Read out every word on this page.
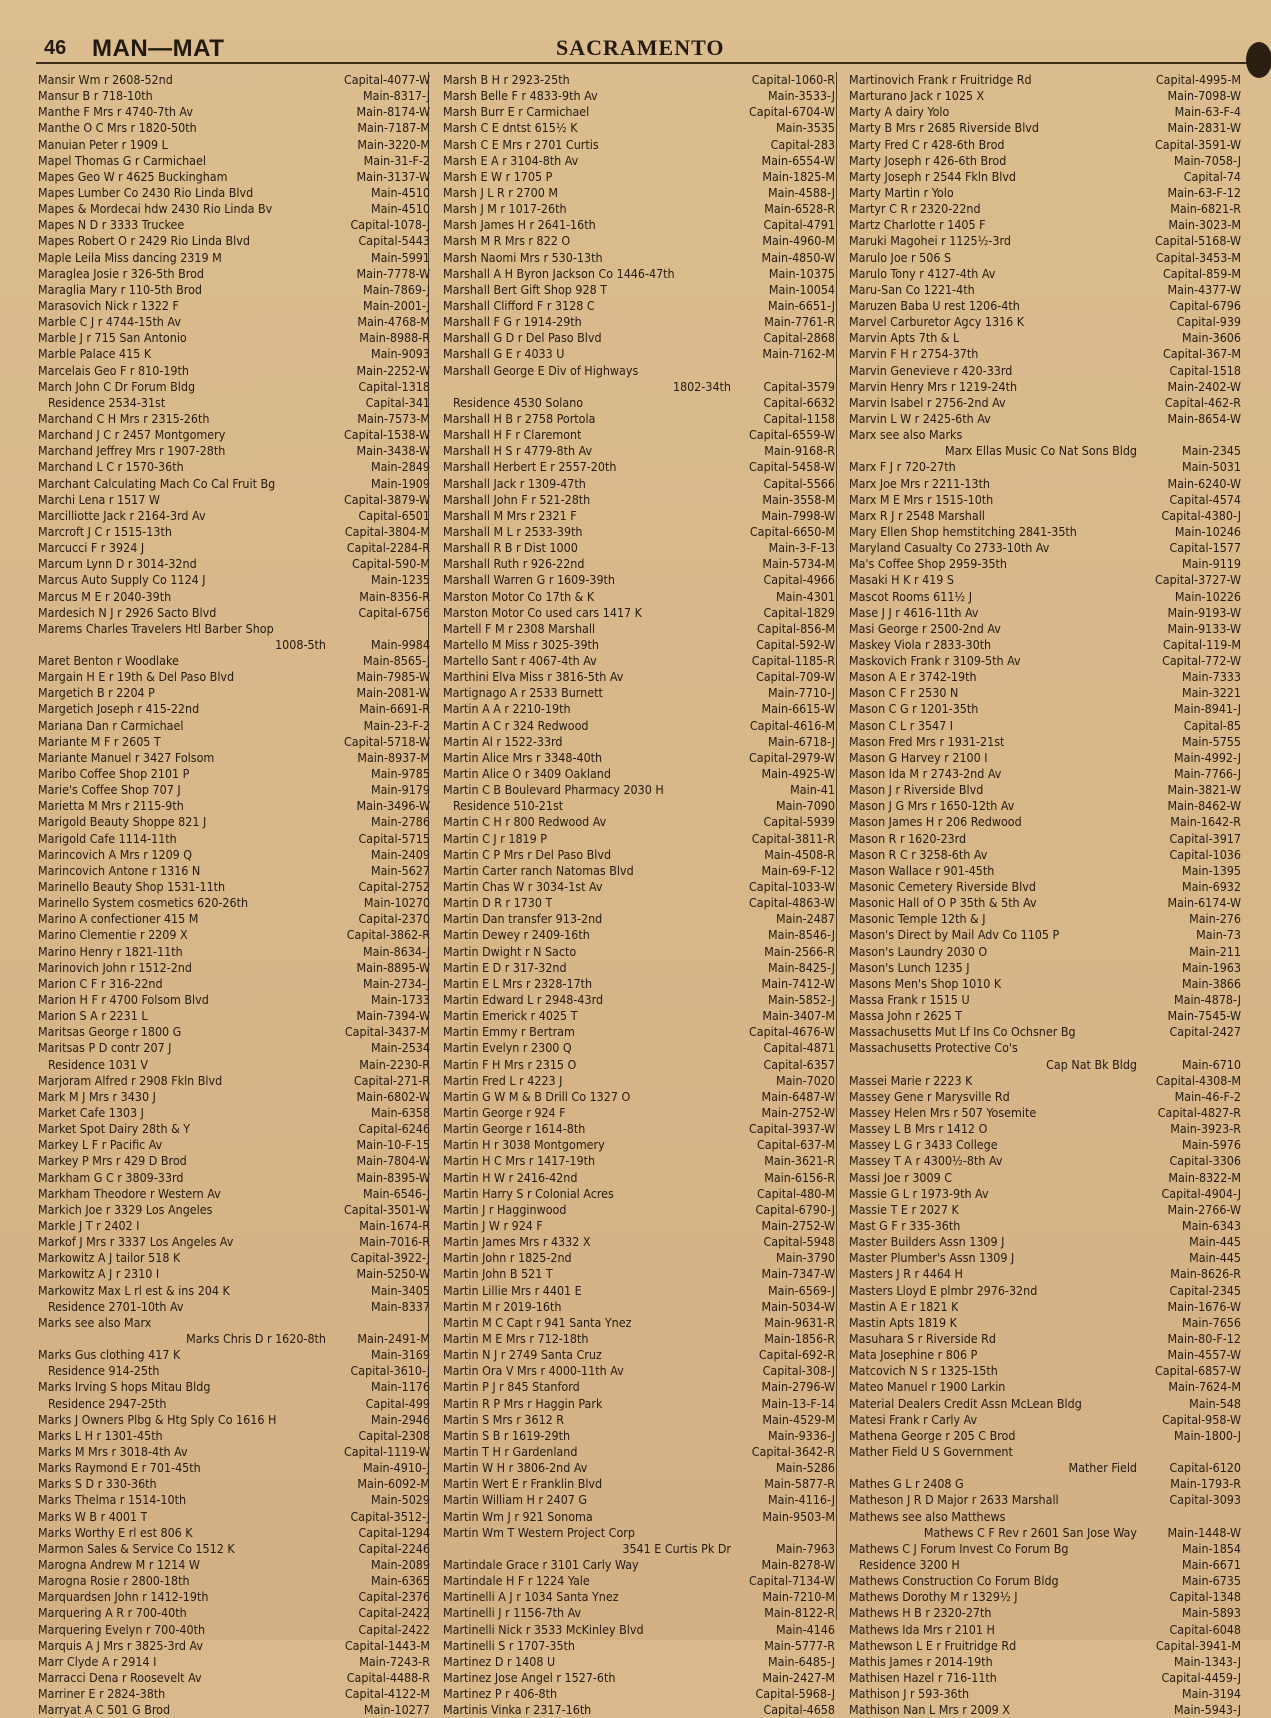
46 MAN—MAT	SACRAMENTO
Mansir Wm r 2608-52nd	Capital-4077-W
Mansur B r 718-10th	Main-8317-J
Manthe F Mrs r 4740-7th Av	Main-8174-W
Manthe O C Mrs r 1820-50th	Main-7187-M
Manuian Peter r 1909 L	Main-3220-M
Mapel Thomas G r Carmichael	Main-31-F-2
Mapes Geo W r 4625 Buckingham	Main-3137-W
Mapes Lumber Co 2430 Rio Linda Blvd	Main-4510
Mapes & Mordecai hdw 2430 Rio Linda Bv	Main-4510
Mapes N D r 3333 Truckee	Capital-1078-J
Mapes Robert O r 2429 Rio Linda Blvd	Capital-5443
Maple Leila Miss dancing 2319 M	Main-5991
Maraglea Josie r 326-5th Brod	Main-7778-W
Maraglia Mary r 110-5th Brod	Main-7869-J
Marasovich Nick r 1322 F	Main-2001-J
Marble C J r 4744-15th Av	Main-4768-M
Marble J r 715 San Antonio	Main-8988-R
Marble Palace 415 K	Main-9093
Marcelais Geo F r 810-19th	Main-2252-W
March John C Dr Forum Bldg	Capital-1318
Residence 2534-31st	Capital-341
Marchand C H Mrs r 2315-26th	Main-7573-M
Marchand J C r 2457 Montgomery	Capital-1538-W
Marchand Jeffrey Mrs r 1907-28th	Main-3438-W
Marchand L C r 1570-36th	Main-2849
Marchant Calculating Mach Co Cal Fruit Bg	Main-1909
Marchi Lena r 1517 W	Capital-3879-W
Marcilliotte Jack r 2164-3rd Av	Capital-6501
Marcroft J C r 1515-13th	Capital-3804-M
Marcucci F r 3924 J	Capital-2284-R
Marcum Lynn D r 3014-32nd	Capital-590-M
Marcus Auto Supply Co 1124 J	Main-1235
Marcus M E r 2040-39th	Main-8356-R
Mardesich N J r 2926 Sacto Blvd	Capital-6756
Marems Charles Travelers Htl Barber Shop
1008-5th	Main-9984
Maret Benton r Woodlake	Main-8565-J
Margain H E r 19th & Del Paso Blvd	Main-7985-W
Margetich B r 2204 P	Main-2081-W
Margetich Joseph r 415-22nd	Main-6691-R
Mariana Dan r Carmichael	Main-23-F-2
Mariante M F r 2605 T	Capital-5718-W
Mariante Manuel r 3427 Folsom	Main-8937-M
Maribo Coffee Shop 2101 P	Main-9785
Marie's Coffee Shop 707 J	Main-9179
Marietta M Mrs r 2115-9th	Main-3496-W
Marigold Beauty Shoppe 821 J	Main-2786
Marigold Cafe 1114-11th	Capital-5715
Marincovich A Mrs r 1209 Q	Main-2409
Marincovich Antone r 1316 N	Main-5627
Marinello Beauty Shop 1531-11th	Capital-2752
Marinello System cosmetics 620-26th	Main-10270
Marino A confectioner 415 M	Capital-2370
Marino Clementie r 2209 X	Capital-3862-R
Marino Henry r 1821-11th	Main-8634-J
Marinovich John r 1512-2nd	Main-8895-W
Marion C F r 316-22nd	Main-2734-J
Marion H F r 4700 Folsom Blvd	Main-1733
Marion S A r 2231 L	Main-7394-W
Maritsas George r 1800 G	Capital-3437-M
Maritsas P D contr 207 J	Main-2534
Residence 1031 V	Main-2230-R
Marjoram Alfred r 2908 Fkln Blvd	Capital-271-R
Mark M J Mrs r 3430 J	Main-6802-W
Market Cafe 1303 J	Main-6358
Market Spot Dairy 28th & Y	Capital-6246
Markey L F r Pacific Av	Main-10-F-15
Markey P Mrs r 429 D Brod	Main-7804-W
Markham G C r 3809-33rd	Main-8395-W
Markham Theodore r Western Av	Main-6546-J
Markich Joe r 3329 Los Angeles	Capital-3501-W
Markle J T r 2402 I	Main-1674-R
Markof J Mrs r 3337 Los Angeles Av	Main-7016-R
Markowitz A J tailor 518 K	Capital-3922-J
Markowitz A J r 2310 I	Main-5250-W
Markowitz Max L rl est & ins 204 K	Main-3405
Residence 2701-10th Av	Main-8337
Marks see also Marx
Marks Chris D r 1620-8th	Main-2491-M
Marks Gus clothing 417 K	Main-3169
Residence 914-25th	Capital-3610-J
Marks Irving S hops Mitau Bldg	Main-1176
Residence 2947-25th	Capital-499
Marks J Owners Plbg & Htg Sply Co 1616 H	Main-2946
Marks L H r 1301-45th	Capital-2308
Marks M Mrs r 3018-4th Av	Capital-1119-W
Marks Raymond E r 701-45th	Main-4910-J
Marks S D r 330-36th	Main-6092-M
Marks Thelma r 1514-10th	Main-5029
Marks W B r 4001 T	Capital-3512-J
Marks Worthy E rl est 806 K	Capital-1294
Marmon Sales & Service Co 1512 K	Capital-2246
Marogna Andrew M r 1214 W	Main-2089
Marogna Rosie r 2800-18th	Main-6365
Marquardsen John r 1412-19th	Capital-2376
Marquering A R r 700-40th	Capital-2422
Marquering Evelyn r 700-40th	Capital-2422
Marquis A J Mrs r 3825-3rd Av	Capital-1443-M
Marr Clyde A r 2914 I	Main-7243-R
Marracci Dena r Roosevelt Av	Capital-4488-R
Marriner E r 2824-38th	Capital-4122-M
Marryat A C 501 G Brod	Main-10277
Marsh B H r 2923-25th	Capital-1060-R
Marsh Belle F r 4833-9th Av	Main-3533-J
Marsh Burr E r Carmichael	Capital-6704-W
Marsh C E dntst 615½ K	Main-3535
Marsh C E Mrs r 2701 Curtis	Capital-283
Marsh E A r 3104-8th Av	Main-6554-W
Marsh E W r 1705 P	Main-1825-M
Marsh J L R r 2700 M	Main-4588-J
Marsh J M r 1017-26th	Main-6528-R
Marsh James H r 2641-16th	Capital-4791
Marsh M R Mrs r 822 O	Main-4960-M
Marsh Naomi Mrs r 530-13th	Main-4850-W
Marshall A H Byron Jackson Co 1446-47th	Main-10375
Marshall Bert Gift Shop 928 T	Main-10054
Marshall Clifford F r 3128 C	Main-6651-J
Marshall F G r 1914-29th	Main-7761-R
Marshall G D r Del Paso Blvd	Capital-2868
Marshall G E r 4033 U	Main-7162-M
Marshall George E Div of Highways
1802-34th	Capital-3579
Residence 4530 Solano	Capital-6632
Marshall H B r 2758 Portola	Capital-1158
Marshall H F r Claremont	Capital-6559-W
Marshall H S r 4779-8th Av	Main-9168-R
Marshall Herbert E r 2557-20th	Capital-5458-W
Marshall Jack r 1309-47th	Capital-5566
Marshall John F r 521-28th	Main-3558-M
Marshall M Mrs r 2321 F	Main-7998-W
Marshall M L r 2533-39th	Capital-6650-M
Marshall R B r Dist 1000	Main-3-F-13
Marshall Ruth r 926-22nd	Main-5734-M
Marshall Warren G r 1609-39th	Capital-4966
Marston Motor Co 17th & K	Main-4301
Marston Motor Co used cars 1417 K	Capital-1829
Martell F M r 2308 Marshall	Capital-856-M
Martello M Miss r 3025-39th	Capital-592-W
Martello Sant r 4067-4th Av	Capital-1185-R
Marthini Elva Miss r 3816-5th Av	Capital-709-W
Martignago A r 2533 Burnett	Main-7710-J
Martin A A r 2210-19th	Main-6615-W
Martin A C r 324 Redwood	Capital-4616-M
Martin Al r 1522-33rd	Main-6718-J
Martin Alice Mrs r 3348-40th	Capital-2979-W
Martin Alice O r 3409 Oakland	Main-4925-W
Martin C B Boulevard Pharmacy 2030 H	Main-41
Residence 510-21st	Main-7090
Martin C H r 800 Redwood Av	Capital-5939
Martin C J r 1819 P	Capital-3811-R
Martin C P Mrs r Del Paso Blvd	Main-4508-R
Martin Carter ranch Natomas Blvd	Main-69-F-12
Martin Chas W r 3034-1st Av	Capital-1033-W
Martin D R r 1730 T	Capital-4863-W
Martin Dan transfer 913-2nd	Main-2487
Martin Dewey r 2409-16th	Main-8546-J
Martin Dwight r N Sacto	Main-2566-R
Martin E D r 317-32nd	Main-8425-J
Martin E L Mrs r 2328-17th	Main-7412-W
Martin Edward L r 2948-43rd	Main-5852-J
Martin Emerick r 4025 T	Main-3407-M
Martin Emmy r Bertram	Capital-4676-W
Martin Evelyn r 2300 Q	Capital-4871
Martin F H Mrs r 2315 O	Capital-6357
Martin Fred L r 4223 J	Main-7020
Martin G W M & B Drill Co 1327 O	Main-6487-W
Martin George r 924 F	Main-2752-W
Martin George r 1614-8th	Capital-3937-W
Martin H r 3038 Montgomery	Capital-637-M
Martin H C Mrs r 1417-19th	Main-3621-R
Martin H W r 2416-42nd	Main-6156-R
Martin Harry S r Colonial Acres	Capital-480-M
Martin J r Hagginwood	Capital-6790-J
Martin J W r 924 F	Main-2752-W
Martin James Mrs r 4332 X	Capital-5948
Martin John r 1825-2nd	Main-3790
Martin John B 521 T	Main-7347-W
Martin Lillie Mrs r 4401 E	Main-6569-J
Martin M r 2019-16th	Main-5034-W
Martin M C Capt r 941 Santa Ynez	Main-9631-R
Martin M E Mrs r 712-18th	Main-1856-R
Martin N J r 2749 Santa Cruz	Capital-692-R
Martin Ora V Mrs r 4000-11th Av	Capital-308-J
Martin P J r 845 Stanford	Main-2796-W
Martin R P Mrs r Haggin Park	Main-13-F-14
Martin S Mrs r 3612 R	Main-4529-M
Martin S B r 1619-29th	Main-9336-J
Martin T H r Gardenland	Capital-3642-R
Martin W H r 3806-2nd Av	Main-5286
Martin Wert E r Franklin Blvd	Main-5877-R
Martin William H r 2407 G	Main-4116-J
Martin Wm J r 921 Sonoma	Main-9503-M
Martin Wm T Western Project Corp
3541 E Curtis Pk Dr	Main-7963
Martindale Grace r 3101 Carly Way	Main-8278-W
Martindale H F r 1224 Yale	Capital-7134-W
Martinelli A J r 1034 Santa Ynez	Main-7210-M
Martinelli J r 1156-7th Av	Main-8122-R
Martinelli Nick r 3533 McKinley Blvd	Main-4146
Martinelli S r 1707-35th	Main-5777-R
Martinez D r 1408 U	Main-6485-J
Martinez Jose Angel r 1527-6th	Main-2427-M
Martinez P r 406-8th	Capital-5968-J
Martinis Vinka r 2317-16th	Capital-4658
Martinovich Frank r Fruitridge Rd	Capital-4995-M
Marturano Jack r 1025 X	Main-7098-W
Marty A dairy Yolo	Main-63-F-4
Marty B Mrs r 2685 Riverside Blvd	Main-2831-W
Marty Fred C r 428-6th Brod	Capital-3591-W
Marty Joseph r 426-6th Brod	Main-7058-J
Marty Joseph r 2544 Fkln Blvd	Capital-74
Marty Martin r Yolo	Main-63-F-12
Martyr C R r 2320-22nd	Main-6821-R
Martz Charlotte r 1405 F	Main-3023-M
Maruki Magohei r 1125½-3rd	Capital-5168-W
Marulo Joe r 506 S	Capital-3453-M
Marulo Tony r 4127-4th Av	Capital-859-M
Maru-San Co 1221-4th	Main-4377-W
Maruzen Baba U rest 1206-4th	Capital-6796
Marvel Carburetor Agcy 1316 K	Capital-939
Marvin Apts 7th & L	Main-3606
Marvin F H r 2754-37th	Capital-367-M
Marvin Genevieve r 420-33rd	Capital-1518
Marvin Henry Mrs r 1219-24th	Main-2402-W
Marvin Isabel r 2756-2nd Av	Capital-462-R
Marvin L W r 2425-6th Av	Main-8654-W
Marx see also Marks
Marx Ellas Music Co Nat Sons Bldg	Main-2345
Marx F J r 720-27th	Main-5031
Marx Joe Mrs r 2211-13th	Main-6240-W
Marx M E Mrs r 1515-10th	Capital-4574
Marx R J r 2548 Marshall	Capital-4380-J
Mary Ellen Shop hemstitching 2841-35th	Main-10246
Maryland Casualty Co 2733-10th Av	Capital-1577
Ma's Coffee Shop 2959-35th	Main-9119
Masaki H K r 419 S	Capital-3727-W
Mascot Rooms 611½ J	Main-10226
Mase J J r 4616-11th Av	Main-9193-W
Masi George r 2500-2nd Av	Main-9133-W
Maskey Viola r 2833-30th	Capital-119-M
Maskovich Frank r 3109-5th Av	Capital-772-W
Mason A E r 3742-19th	Main-7333
Mason C F r 2530 N	Main-3221
Mason C G r 1201-35th	Main-8941-J
Mason C L r 3547 I	Capital-85
Mason Fred Mrs r 1931-21st	Main-5755
Mason G Harvey r 2100 I	Main-4992-J
Mason Ida M r 2743-2nd Av	Main-7766-J
Mason J r Riverside Blvd	Main-3821-W
Mason J G Mrs r 1650-12th Av	Main-8462-W
Mason James H r 206 Redwood	Main-1642-R
Mason R r 1620-23rd	Capital-3917
Mason R C r 3258-6th Av	Capital-1036
Mason Wallace r 901-45th	Main-1395
Masonic Cemetery Riverside Blvd	Main-6932
Masonic Hall of O P 35th & 5th Av	Main-6174-W
Masonic Temple 12th & J	Main-276
Mason's Direct by Mail Adv Co 1105 P	Main-73
Mason's Laundry 2030 O	Main-211
Mason's Lunch 1235 J	Main-1963
Masons Men's Shop 1010 K	Main-3866
Massa Frank r 1515 U	Main-4878-J
Massa John r 2625 T	Main-7545-W
Massachusetts Mut Lf Ins Co Ochsner Bg	Capital-2427
Massachusetts Protective Co's
Cap Nat Bk Bldg	Main-6710
Massei Marie r 2223 K	Capital-4308-M
Massey Gene r Marysville Rd	Main-46-F-2
Massey Helen Mrs r 507 Yosemite	Capital-4827-R
Massey L B Mrs r 1412 O	Main-3923-R
Massey L G r 3433 College	Main-5976
Massey T A r 4300½-8th Av	Capital-3306
Massi Joe r 3009 C	Main-8322-M
Massie G L r 1973-9th Av	Capital-4904-J
Massie T E r 2027 K	Main-2766-W
Mast G F r 335-36th	Main-6343
Master Builders Assn 1309 J	Main-445
Master Plumber's Assn 1309 J	Main-445
Masters J R r 4464 H	Main-8626-R
Masters Lloyd E plmbr 2976-32nd	Capital-2345
Mastin A E r 1821 K	Main-1676-W
Mastin Apts 1819 K	Main-7656
Masuhara S r Riverside Rd	Main-80-F-12
Mata Josephine r 806 P	Main-4557-W
Matcovich N S r 1325-15th	Capital-6857-W
Mateo Manuel r 1900 Larkin	Main-7624-M
Material Dealers Credit Assn McLean Bldg	Main-548
Matesi Frank r Carly Av	Capital-958-W
Mathena George r 205 C Brod	Main-1800-J
Mather Field U S Government
Mather Field	Capital-6120
Mathes G L r 2408 G	Main-1793-R
Matheson J R D Major r 2633 Marshall	Capital-3093
Mathews see also Matthews
Mathews C F Rev r 2601 San Jose Way Main-1448-W
Mathews C J Forum Invest Co Forum Bg	Main-1854
Residence 3200 H	Main-6671
Mathews Construction Co Forum Bldg	Main-6735
Mathews Dorothy M r 1329½ J	Capital-1348
Mathews H B r 2320-27th	Main-5893
Mathews Ida Mrs r 2101 H	Capital-6048
Mathewson L E r Fruitridge Rd	Capital-3941-M
Mathis James r 2014-19th	Main-1343-J
Mathisen Hazel r 716-11th	Capital-4459-J
Mathison J r 593-36th	Main-3194
Mathison Nan L Mrs r 2009 X	Main-5943-J
